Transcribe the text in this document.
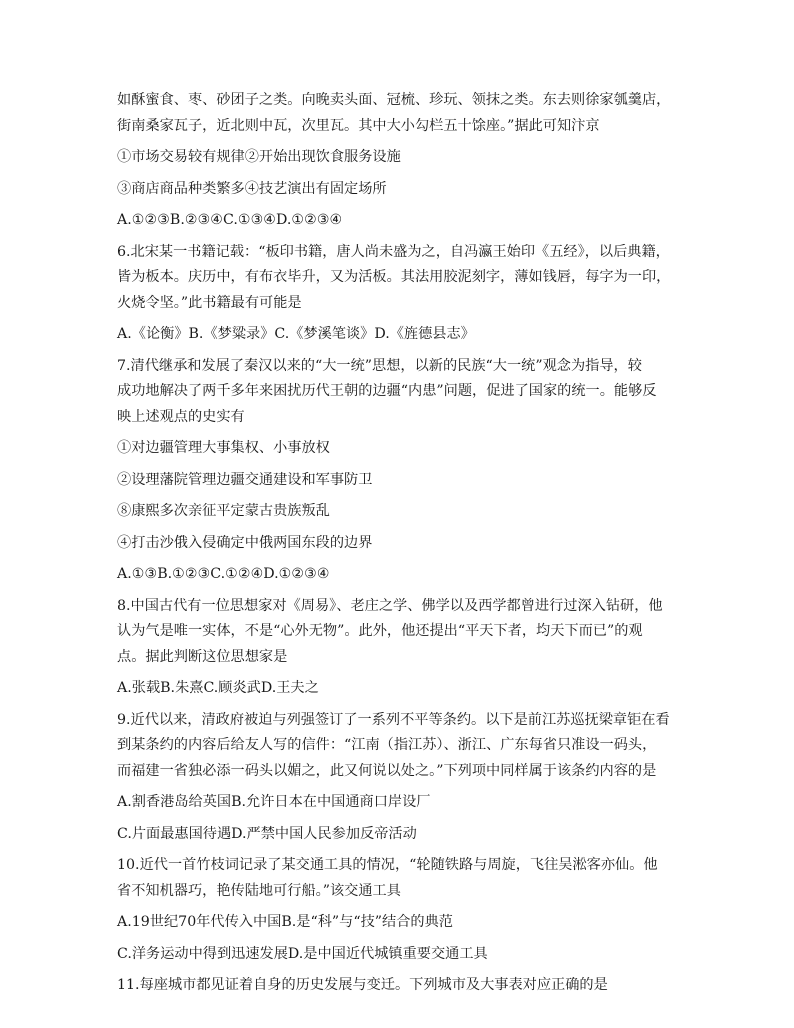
如酥蜜食、枣、砂团子之类。向晚卖头面、冠梳、珍玩、领抹之类。东去则徐家瓠羹店，
街南桑家瓦子，近北则中瓦，次里瓦。其中大小勾栏五十馀座。”据此可知汴京
①市场交易较有规律②开始出现饮食服务设施
③商店商品种类繁多④技艺演出有固定场所
A.①②③B.②③④C.①③④D.①②③④
6.北宋某一书籍记载：“板印书籍，唐人尚未盛为之，自冯瀛王始印《五经》，以后典籍，
皆为板本。庆历中，有布衣毕升，又为活板。其法用胶泥刻字，薄如钱唇，每字为一印，
火烧令坚。”此书籍最有可能是
A.《论衡》B.《梦粱录》C.《梦溪笔谈》D.《旌德县志》
7.清代继承和发展了秦汉以来的“大一统”思想，以新的民族“大一统”观念为指导，较
成功地解决了两千多年来困扰历代王朝的边疆“内患”问题，促进了国家的统一。能够反
映上述观点的史实有
①对边疆管理大事集权、小事放权
②设理藩院管理边疆交通建设和军事防卫
⑧康熙多次亲征平定蒙古贵族叛乱
④打击沙俄入侵确定中俄两国东段的边界
A.①③B.①②③C.①②④D.①②③④
8.中国古代有一位思想家对《周易》、老庄之学、佛学以及西学都曾进行过深入钻研，他
认为气是唯一实体，不是“心外无物”。此外，他还提出“平天下者，均天下而已”的观
点。据此判断这位思想家是
A.张载B.朱熹C.顾炎武D.王夫之
9.近代以来，清政府被迫与列强签订了一系列不平等条约。以下是前江苏巡抚梁章钜在看
到某条约的内容后给友人写的信件：“江南（指江苏）、浙江、广东每省只准设一码头，
而福建一省独必添一码头以媚之，此又何说以处之。”下列项中同样属于该条约内容的是
A.割香港岛给英国B.允许日本在中国通商口岸设厂
C.片面最惠国待遇D.严禁中国人民参加反帝活动
10.近代一首竹枝词记录了某交通工具的情况，“轮随铁路与周旋，飞往吴淞客亦仙。他
省不知机器巧，艳传陆地可行船。”该交通工具
A.19世纪70年代传入中国B.是“科”与“技”结合的典范
C.洋务运动中得到迅速发展D.是中国近代城镇重要交通工具
11.每座城市都见证着自身的历史发展与变迁。下列城市及大事表对应正确的是
